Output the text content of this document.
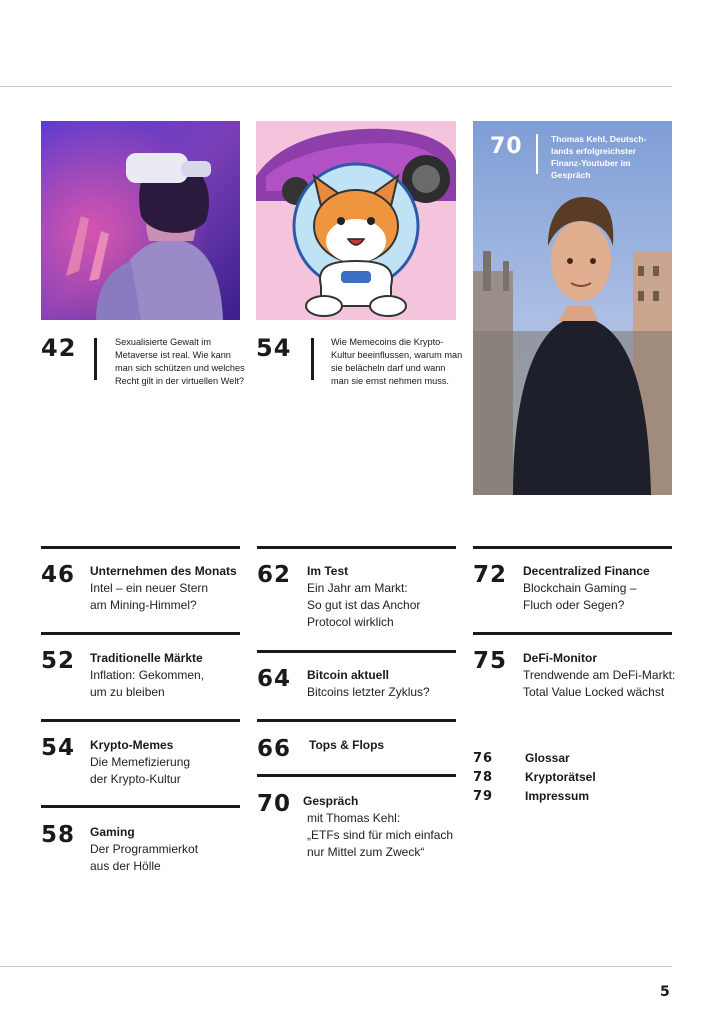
42	Sexualisierte Gewalt im
Metaverse ist real. Wie kann
man sich schützen und welches
Recht gilt in der virtuellen Welt?
54	Wie Memecoins die Krypto-
Kultur beeinflussen, warum man
sie belächeln darf und wann
man sie ernst nehmen muss.
70	Thomas Kehl, Deutsch-
lands erfolgreichster
Finanz-Youtuber im
Gespräch
46 Unternehmen des Monats
Intel – ein neuer Stern
am Mining-Himmel?
52 Traditionelle Märkte
Inflation: Gekommen,
um zu bleiben
54 Krypto-Memes
Die Memefizierung
der Krypto-Kultur
58 Gaming
Der Programmierkot
aus der Hölle
62 Im Test
Ein Jahr am Markt:
So gut ist das Anchor
Protocol wirklich
64 Bitcoin aktuell
Bitcoins letzter Zyklus?
66 Tops & Flops
70 Gespräch
mit Thomas Kehl:
„ETFs sind für mich einfach
nur Mittel zum Zweck“
72 Decentralized Finance
Blockchain Gaming –
Fluch oder Segen?
75 DeFi-Monitor
Trendwende am DeFi-Markt:
Total Value Locked wächst
76	Glossar
78	Kryptorätsel
79	Impressum
5
